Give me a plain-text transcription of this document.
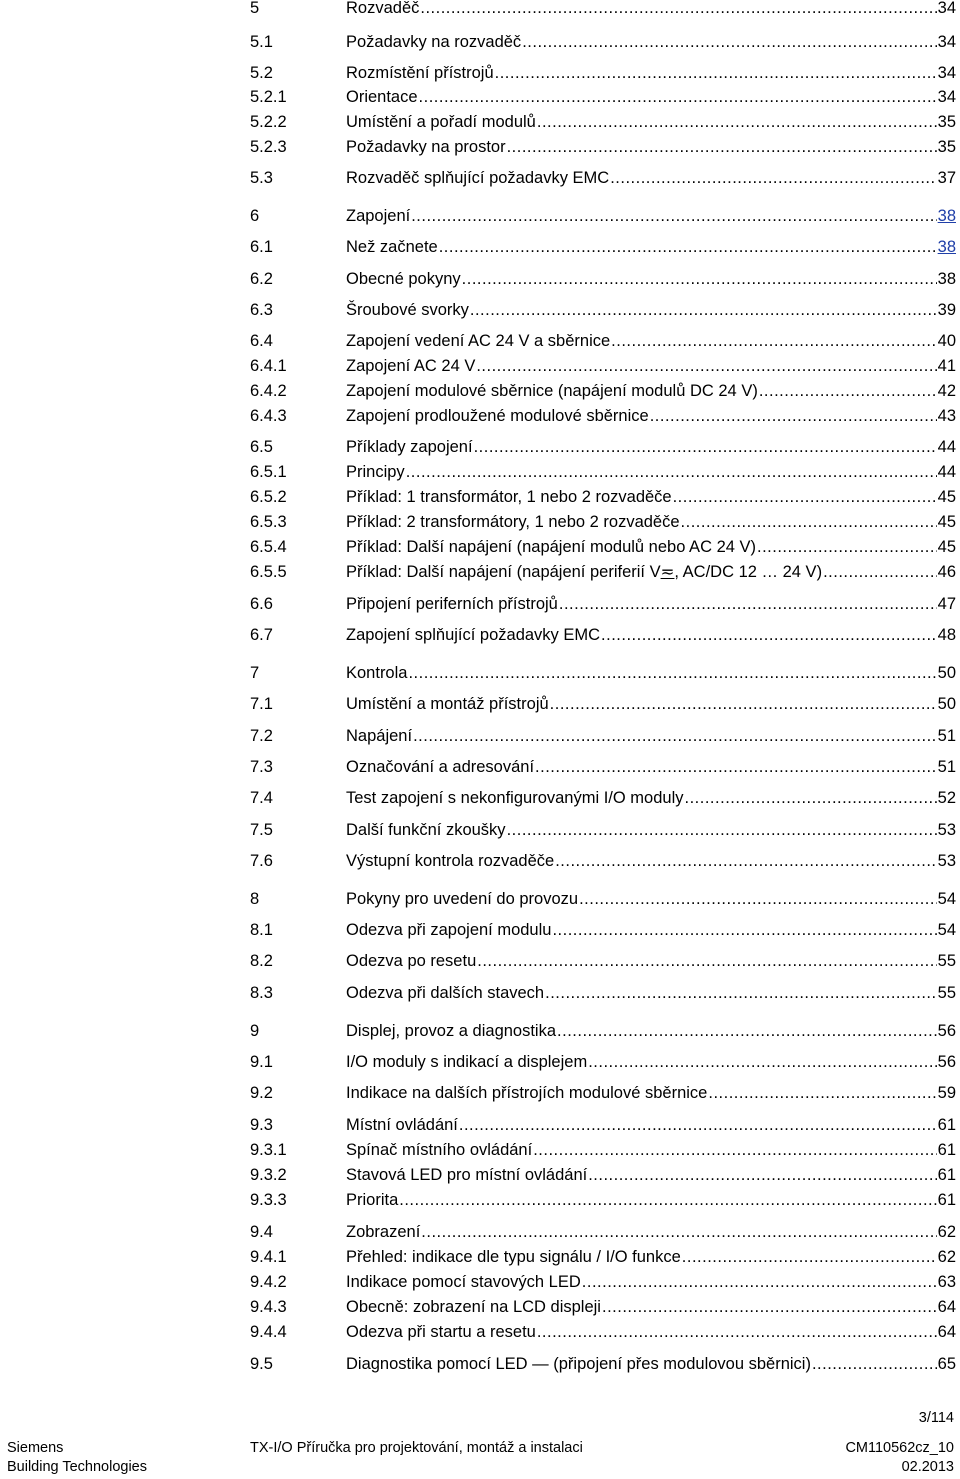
5	Rozvaděč .....	34
5.1	Požadavky na rozvaděč .....	34
5.2	Rozmístění přístrojů .....	34
5.2.1	Orientace .....	34
5.2.2	Umístění a pořadí modulů .....	35
5.2.3	Požadavky na prostor .....	35
5.3	Rozvaděč splňující požadavky EMC .....	37
6	Zapojení .....	38
6.1	Než začnete .....	38
6.2	Obecné pokyny .....	38
6.3	Šroubové svorky .....	39
6.4	Zapojení vedení AC 24 V a sběrnice .....	40
6.4.1	Zapojení AC 24 V .....	41
6.4.2	Zapojení modulové sběrnice (napájení modulů DC 24 V) .....	42
6.4.3	Zapojení prodloužené modulové sběrnice .....	43
6.5	Příklady zapojení .....	44
6.5.1	Principy .....	44
6.5.2	Příklad: 1 transformátor, 1 nebo 2 rozvaděče .....	45
6.5.3	Příklad: 2 transformátory, 1 nebo 2 rozvaděče .....	45
6.5.4	Příklad: Další napájení (napájení modulů nebo AC 24 V) .....	45
6.5.5	Příklad: Další napájení (napájení periferií V≂, AC/DC 12 … 24 V) .....	46
6.6	Připojení periferních přístrojů .....	47
6.7	Zapojení splňující požadavky EMC .....	48
7	Kontrola .....	50
7.1	Umístění a montáž přístrojů .....	50
7.2	Napájení .....	51
7.3	Označování a adresování .....	51
7.4	Test zapojení s nekonfigurovanými I/O moduly .....	52
7.5	Další funkční zkoušky .....	53
7.6	Výstupní kontrola rozvaděče .....	53
8	Pokyny pro uvedení do provozu .....	54
8.1	Odezva při zapojení modulu .....	54
8.2	Odezva po resetu .....	55
8.3	Odezva při dalších stavech .....	55
9	Displej, provoz a diagnostika .....	56
9.1	I/O moduly s indikací a displejem .....	56
9.2	Indikace na dalších přístrojích modulové sběrnice .....	59
9.3	Místní ovládání .....	61
9.3.1	Spínač místního ovládání .....	61
9.3.2	Stavová LED pro místní ovládání .....	61
9.3.3	Priorita .....	61
9.4	Zobrazení .....	62
9.4.1	Přehled: indikace dle typu signálu / I/O funkce .....	62
9.4.2	Indikace pomocí stavových LED .....	63
9.4.3	Obecně: zobrazení na LCD displeji .....	64
9.4.4	Odezva při startu a resetu .....	64
9.5	Diagnostika pomocí LED — (připojení přes modulovou sběrnici) .....	65
3/114
Siemens
Building Technologies
TX-I/O Příručka pro projektování, montáž a instalaci	CM110562cz_10
02.2013
